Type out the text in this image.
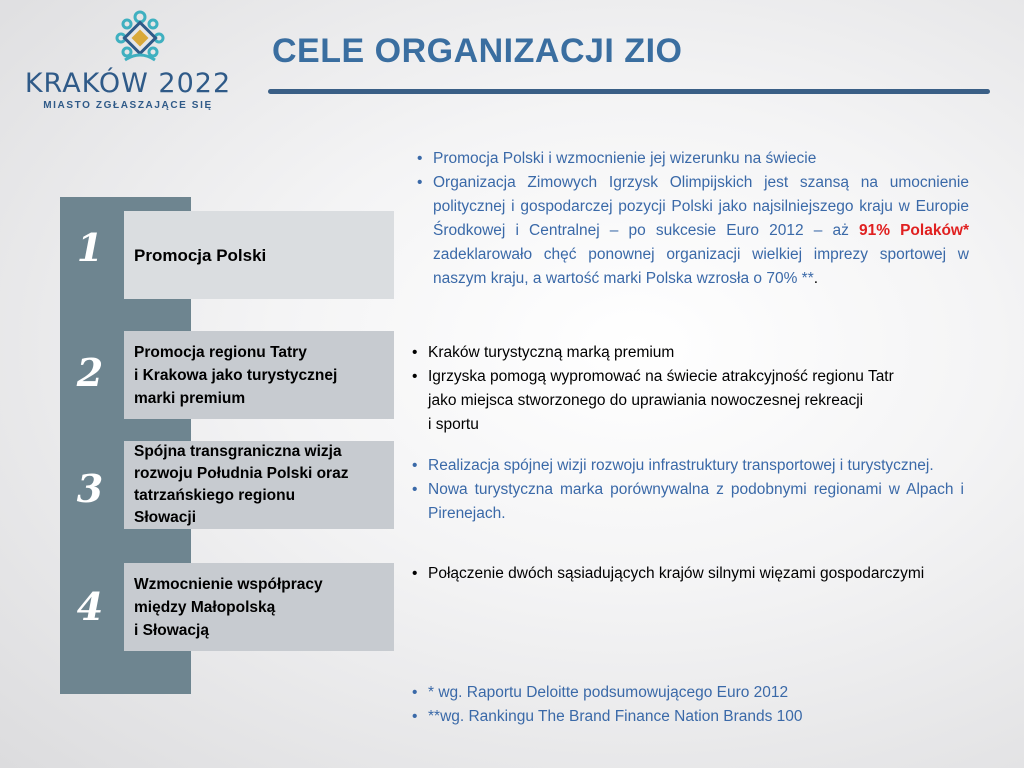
KRAKÓW 2022
MIASTO ZGŁASZAJĄCE SIĘ
CELE ORGANIZACJI ZIO
1
2
3
4
Promocja Polski
Promocja regionu Tatry
i Krakowa jako turystycznej
marki premium
Spójna transgraniczna wizja
rozwoju Południa Polski oraz
tatrzańskiego regionu
Słowacji
Wzmocnienie współpracy
między Małopolską
i Słowacją
• Promocja Polski i wzmocnienie jej wizerunku na świecie
• Organizacja Zimowych Igrzysk Olimpijskich jest szansą na umocnienie politycznej i gospodarczej pozycji Polski jako najsilniejszego kraju w Europie Środkowej i Centralnej – po sukcesie Euro 2012 – aż 91% Polaków* zadeklarowało chęć ponownej organizacji wielkiej imprezy sportowej w naszym kraju, a wartość marki Polska wzrosła o 70% **.
• Kraków turystyczną marką premium
• Igrzyska pomogą wypromować na świecie atrakcyjność regionu Tatr
jako miejsca stworzonego do uprawiania nowoczesnej rekreacji
i sportu
• Realizacja spójnej wizji rozwoju infrastruktury transportowej i turystycznej.
• Nowa turystyczna marka porównywalna z podobnymi regionami w Alpach i Pirenejach.
• Połączenie dwóch sąsiadujących krajów silnymi więzami gospodarczymi
• * wg. Raportu Deloitte podsumowującego Euro 2012
• **wg. Rankingu The Brand Finance Nation Brands 100
